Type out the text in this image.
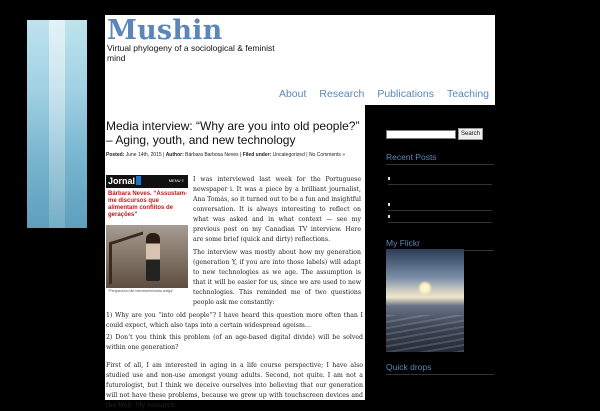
Mushin
Virtual phylogeny of a sociological & feminist mind
About Research Publications Teaching
Media interview: “Why are you into old people?” – Aging, youth, and new technology
Posted: June 14th, 2015 | Author: Bárbara Barbosa Neves | Filed under: Uncategorized | No Comments »
Jornal	MENU ≡
Bárbara Neves. “Assustam-me discursos que alimentam conflitos de gerações”
"Perspectiva não interdiscriminada antiga"

I was interviewed last week for the Portuguese newspaper i. It was a piece by a brilliant journalist, Ana Tomás, so it turned out to be a fun and insightful conversation. It is always interesting to reflect on what was asked and in what context — see my previous post on my Canadian TV interview. Here are some brief (quick and dirty) reflections.

The interview was mostly about how my generation (generation Y, if you are into those labels) will adapt to new technologies as we age. The assumption is that it will be easier for us, since we are used to new technologies. This reminded me of two questions people ask me constantly:

1) Why are you “into old people”? I have heard this question more often than I could expect, which also taps into a certain widespread ageism…

2) Don’t you think this problem (of an age-based digital divide) will be solved within one generation?

First of all, I am interested in aging in a life course perspective; I have also studied use and non-use amongst young adults. Second, not quite. I am not a futurologist, but I think we deceive ourselves into believing that our generation will not have these problems, because we grew up with touchscreen devices and the Web. My research

Search
Recent Posts
My Flickr
Quick drops
